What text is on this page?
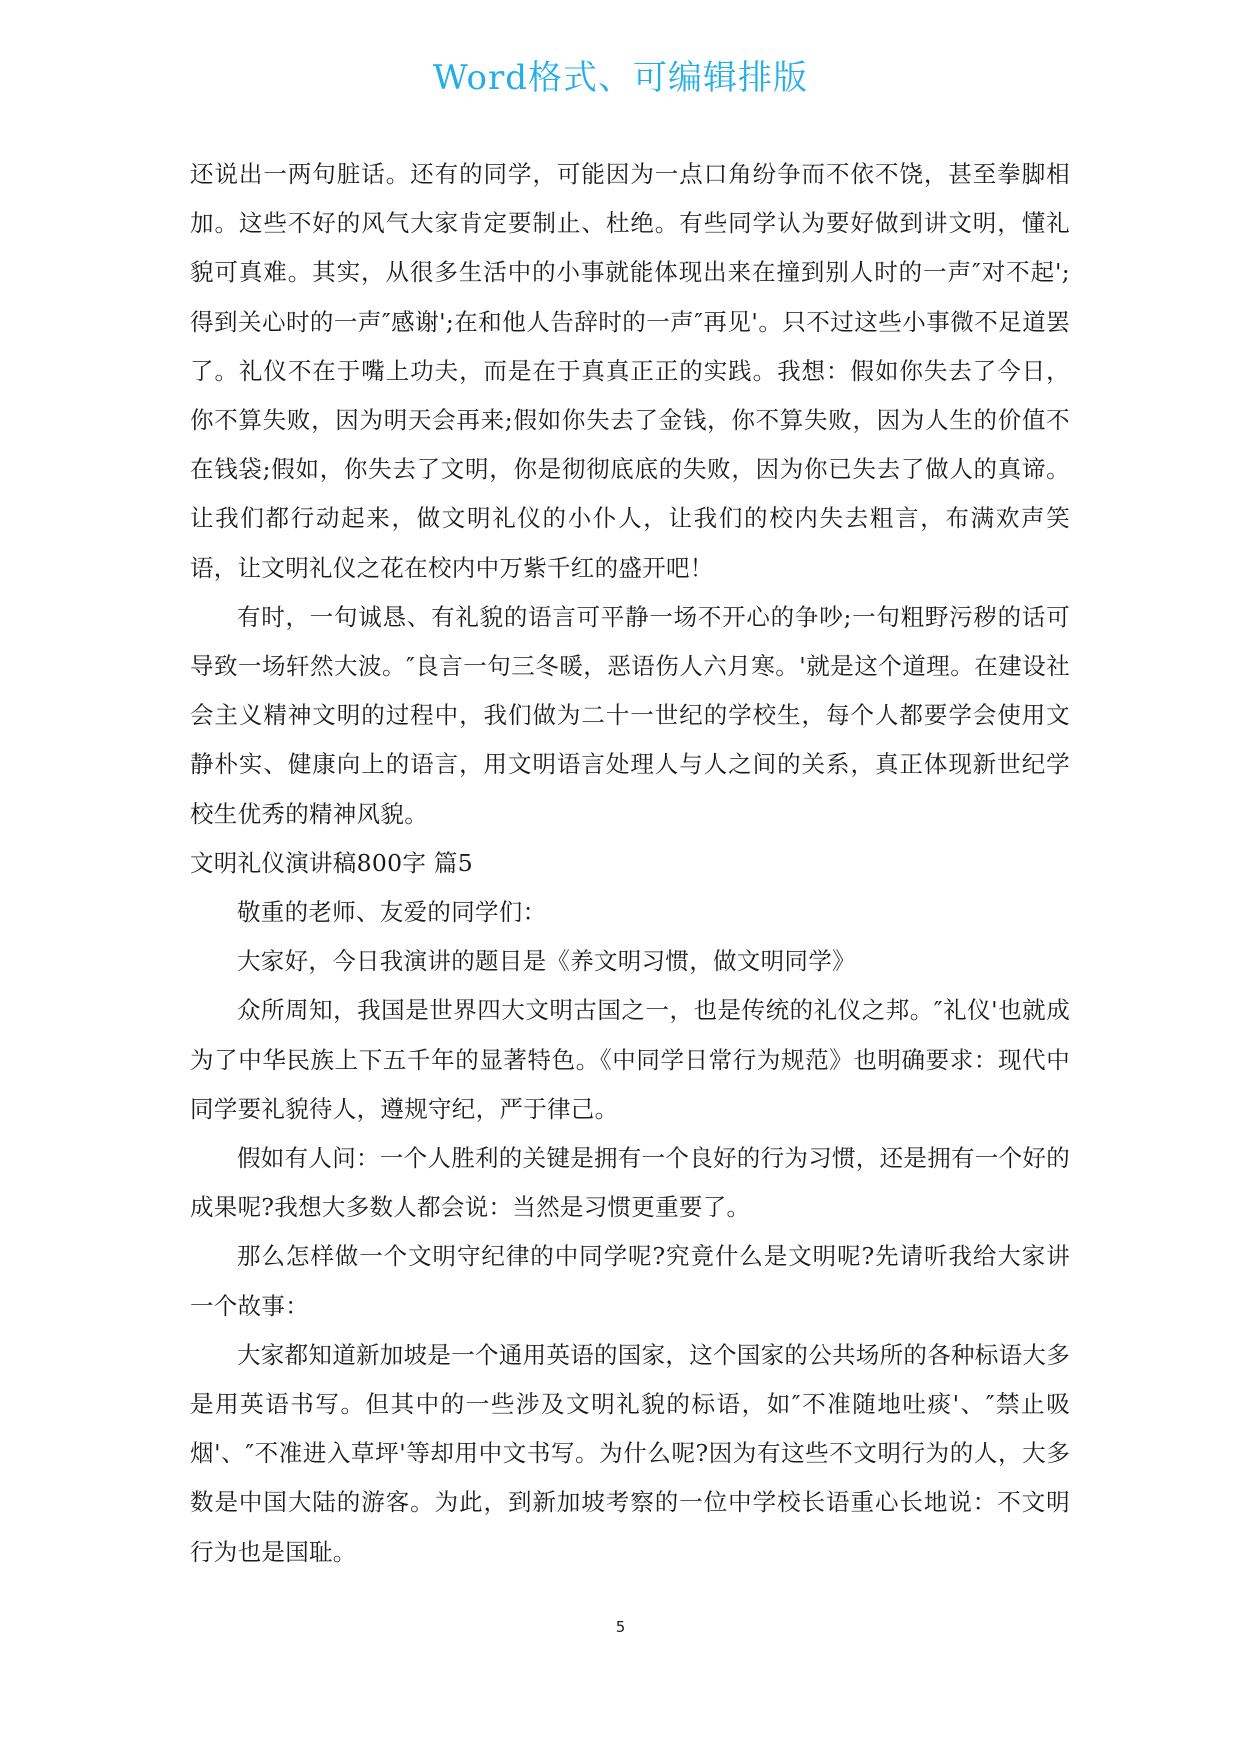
Word格式、可编辑排版

还说出一两句脏话。还有的同学，可能因为一点口角纷争而不依不饶，甚至拳脚相加。这些不好的风气大家肯定要制止、杜绝。有些同学认为要好做到讲文明，懂礼貌可真难。其实，从很多生活中的小事就能体现出来在撞到别人时的一声″对不起';得到关心时的一声″感谢';在和他人告辞时的一声″再见'。只不过这些小事微不足道罢了。礼仪不在于嘴上功夫，而是在于真真正正的实践。我想：假如你失去了今日，你不算失败，因为明天会再来;假如你失去了金钱，你不算失败，因为人生的价值不在钱袋;假如，你失去了文明，你是彻彻底底的失败，因为你已失去了做人的真谛。让我们都行动起来，做文明礼仪的小仆人，让我们的校内失去粗言，布满欢声笑语，让文明礼仪之花在校内中万紫千红的盛开吧！

有时，一句诚恳、有礼貌的语言可平静一场不开心的争吵;一句粗野污秽的话可导致一场轩然大波。″良言一句三冬暖，恶语伤人六月寒。'就是这个道理。在建设社会主义精神文明的过程中，我们做为二十一世纪的学校生，每个人都要学会使用文静朴实、健康向上的语言，用文明语言处理人与人之间的关系，真正体现新世纪学校生优秀的精神风貌。

文明礼仪演讲稿800字 篇5

敬重的老师、友爱的同学们：

大家好，今日我演讲的题目是《养文明习惯，做文明同学》

众所周知，我国是世界四大文明古国之一，也是传统的礼仪之邦。″礼仪'也就成为了中华民族上下五千年的显著特色。《中同学日常行为规范》也明确要求：现代中同学要礼貌待人，遵规守纪，严于律己。

假如有人问：一个人胜利的关键是拥有一个良好的行为习惯，还是拥有一个好的成果呢?我想大多数人都会说：当然是习惯更重要了。

那么怎样做一个文明守纪律的中同学呢?究竟什么是文明呢?先请听我给大家讲一个故事：

大家都知道新加坡是一个通用英语的国家，这个国家的公共场所的各种标语大多是用英语书写。但其中的一些涉及文明礼貌的标语，如″不准随地吐痰'、″禁止吸烟'、″不准进入草坪'等却用中文书写。为什么呢?因为有这些不文明行为的人，大多数是中国大陆的游客。为此，到新加坡考察的一位中学校长语重心长地说：不文明行为也是国耻。

5
